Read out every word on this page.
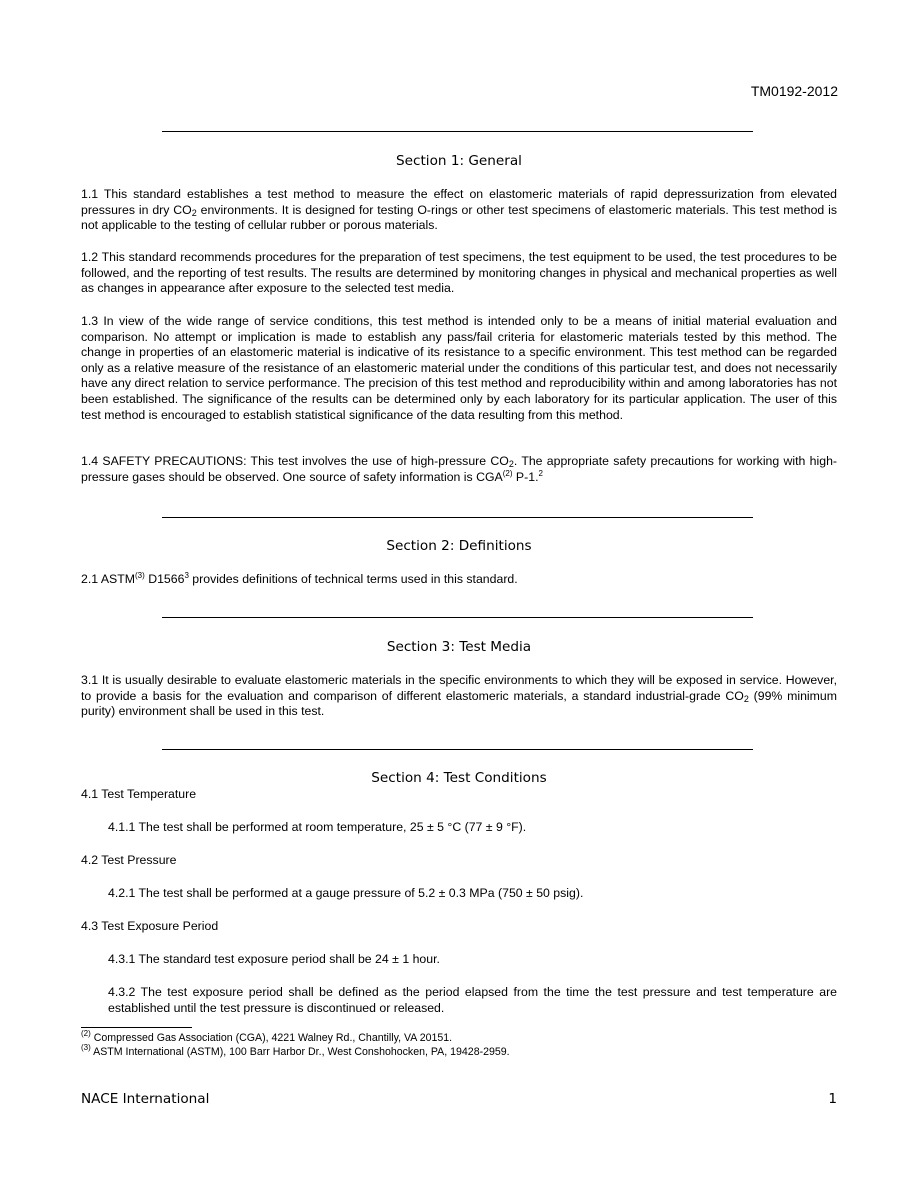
TM0192-2012
Section 1: General

1.1 This standard establishes a test method to measure the effect on elastomeric materials of rapid depressurization from elevated pressures in dry $CO_2$ environments. It is designed for testing O-rings or other test specimens of elastomeric materials. This test method is not applicable to the testing of cellular rubber or porous materials.

1.2 This standard recommends procedures for the preparation of test specimens, the test equipment to be used, the test procedures to be followed, and the reporting of test results. The results are determined by monitoring changes in physical and mechanical properties as well as changes in appearance after exposure to the selected test media.

1.3 In view of the wide range of service conditions, this test method is intended only to be a means of initial material evaluation and comparison. No attempt or implication is made to establish any pass/fail criteria for elastomeric materials tested by this method. The change in properties of an elastomeric material is indicative of its resistance to a specific environment. This test method can be regarded only as a relative measure of the resistance of an elastomeric material under the conditions of this particular test, and does not necessarily have any direct relation to service performance. The precision of this test method and reproducibility within and among laboratories has not been established. The significance of the results can be determined only by each laboratory for its particular application. The user of this test method is encouraged to establish statistical significance of the data resulting from this method.

1.4 SAFETY PRECAUTIONS: This test involves the use of high-pressure $CO_2$. The appropriate safety precautions for working with high-pressure gases should be observed. One source of safety information is CGA$^{(2)}$ P-1.$^2$

Section 2: Definitions

2.1 ASTM$^{(3)}$ D1566$^3$ provides definitions of technical terms used in this standard.

Section 3: Test Media

3.1 It is usually desirable to evaluate elastomeric materials in the specific environments to which they will be exposed in service. However, to provide a basis for the evaluation and comparison of different elastomeric materials, a standard industrial-grade $CO_2$ (99% minimum purity) environment shall be used in this test.

Section 4: Test Conditions

4.1 Test Temperature

4.1.1 The test shall be performed at room temperature, 25 ± 5 °C (77 ± 9 °F).

4.2 Test Pressure

4.2.1 The test shall be performed at a gauge pressure of 5.2 ± 0.3 MPa (750 ± 50 psig).

4.3 Test Exposure Period

4.3.1 The standard test exposure period shall be 24 ± 1 hour.

4.3.2 The test exposure period shall be defined as the period elapsed from the time the test pressure and test temperature are established until the test pressure is discontinued or released.

$^{(2)}$ Compressed Gas Association (CGA), 4221 Walney Rd., Chantilly, VA 20151.

$^{(3)}$ ASTM International (ASTM), 100 Barr Harbor Dr., West Conshohocken, PA, 19428-2959.

NACE International	1
